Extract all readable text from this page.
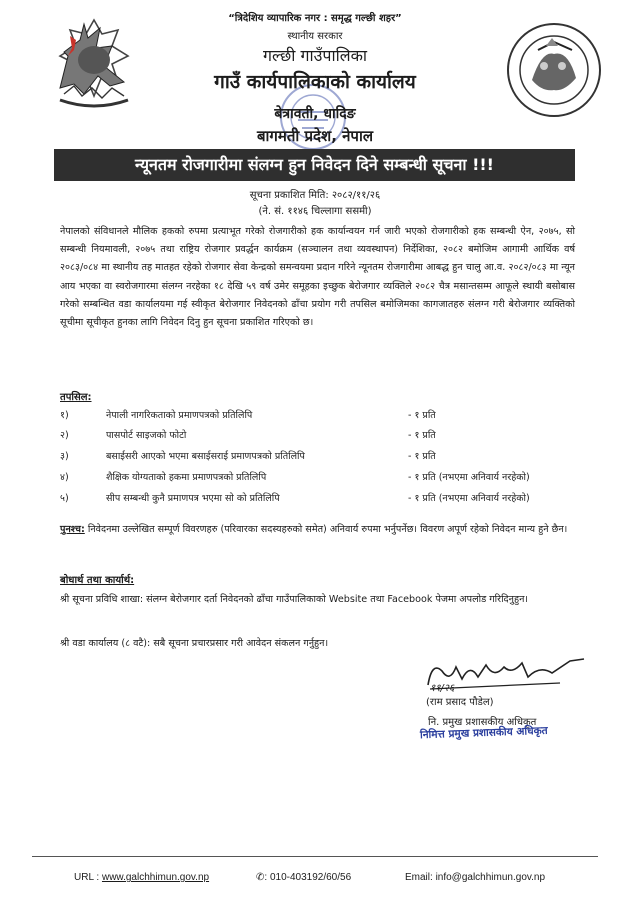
“त्रिदेशिय व्यापारिक नगर : समृद्ध गल्छी शहर”
स्थानीय सरकार
गल्छी गाउँपालिका
गाउँ कार्यपालिकाको कार्यालय
बेत्रावती, धादिङ
बागमती प्रदेश, नेपाल
न्यूनतम रोजगारीमा संलग्न हुन निवेदन दिने सम्बन्धी सूचना !!!
सूचना प्रकाशित मिति: २०८२/११/२६
(ने. सं. ११४६ चिल्लागा ससमी)
नेपालको संविधानले मौलिक हकको रुपमा प्रत्याभूत गरेको रोजगारीको हक कार्यान्वयन गर्न जारी भएको रोजगारीको हक सम्बन्धी ऐन, २०७५, सो सम्बन्धी नियमावली, २०७५ तथा राष्ट्रिय रोजगार प्रवर्द्धन कार्यक्रम (सञ्चालन तथा व्यवस्थापन) निर्देशिका, २०८२ बमोजिम आगामी आर्थिक वर्ष २०८३/०८४ मा स्थानीय तह मातहत रहेको रोजगार सेवा केन्द्रको समन्वयमा प्रदान गरिने न्यूनतम रोजगारीमा आबद्ध हुन चालु आ.व. २०८२/०८३ मा न्यून आय भएका वा स्वरोजगारमा संलग्न नरहेका १८ देखि ५९ वर्ष उमेर समूहका इच्छुक बेरोजगार व्यक्तिले २०८२ चैत्र मसान्तसम्म आफूले स्थायी बसोबास गरेको सम्बन्धित वडा कार्यालयमा गई स्वीकृत बेरोजगार निवेदनको ढाँचा प्रयोग गरी तपसिल बमोजिमका कागजातहरु संलग्न गरी बेरोजगार व्यक्तिको सूचीमा सूचीकृत हुनका लागि निवेदन दिनु हुन सूचना प्रकाशित गरिएको छ।
तपसिल:
१)	नेपाली नागरिकताको प्रमाणपत्रको प्रतिलिपि	- १ प्रति
२)	पासपोर्ट साइजको फोटो	- १ प्रति
३)	बसाईसरी आएको भएमा बसाईसराई प्रमाणपत्रको प्रतिलिपि	- १ प्रति
४)	शैक्षिक योग्यताको हकमा प्रमाणपत्रको प्रतिलिपि	- १ प्रति (नभएमा अनिवार्य नरहेको)
५)	सीप सम्बन्धी कुनै प्रमाणपत्र भएमा सो को प्रतिलिपि	- १ प्रति (नभएमा अनिवार्य नरहेको)
पुनश्च: निवेदनमा उल्लेखित सम्पूर्ण विवरणहरु (परिवारका सदस्यहरुको समेत) अनिवार्य रुपमा भर्नुपर्नेछ। विवरण अपूर्ण रहेको निवेदन मान्य हुने छैन।
बोधार्थ तथा कार्यार्थ:
श्री सूचना प्रविधि शाखा: संलग्न बेरोजगार दर्ता निवेदनको ढाँचा गाउँपालिकाको Website तथा Facebook पेजमा अपलोड गरिदिनुहुन।
श्री वडा कार्यालय (८ वटै): सबै सूचना प्रचारप्रसार गरी आवेदन संकलन गर्नुहुन।
११/२६
(राम प्रसाद पौडेल)
नि. प्रमुख प्रशासकीय अधिकृत
निमित्त प्रमुख प्रशासकीय अधिकृत
URL : www.galchhimun.gov.np	✆: 010-403192/60/56	Email: info@galchhimun.gov.np
